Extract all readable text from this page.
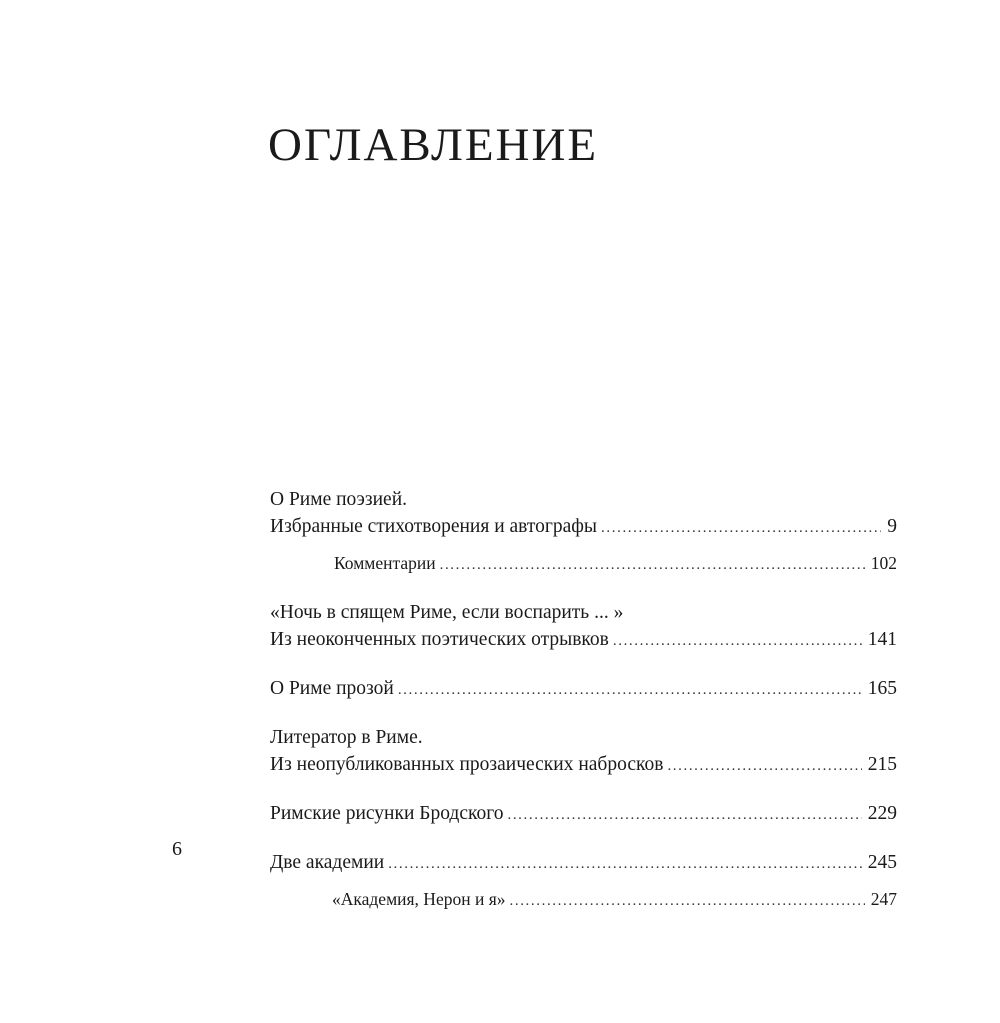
ОГЛАВЛЕНИЕ
О Риме поэзией.
Избранные стихотворения и автографы .....	9
Комментарии .....	102
«Ночь в спящем Риме, если воспарить ... »
Из неоконченных поэтических отрывков .....	141
О Риме прозой .....	165
Литератор в Риме.
Из неопубликованных прозаических набросков .....	215
Римские рисунки Бродского .....	229
Две академии .....	245
«Академия, Нерон и я» .....	247
6
